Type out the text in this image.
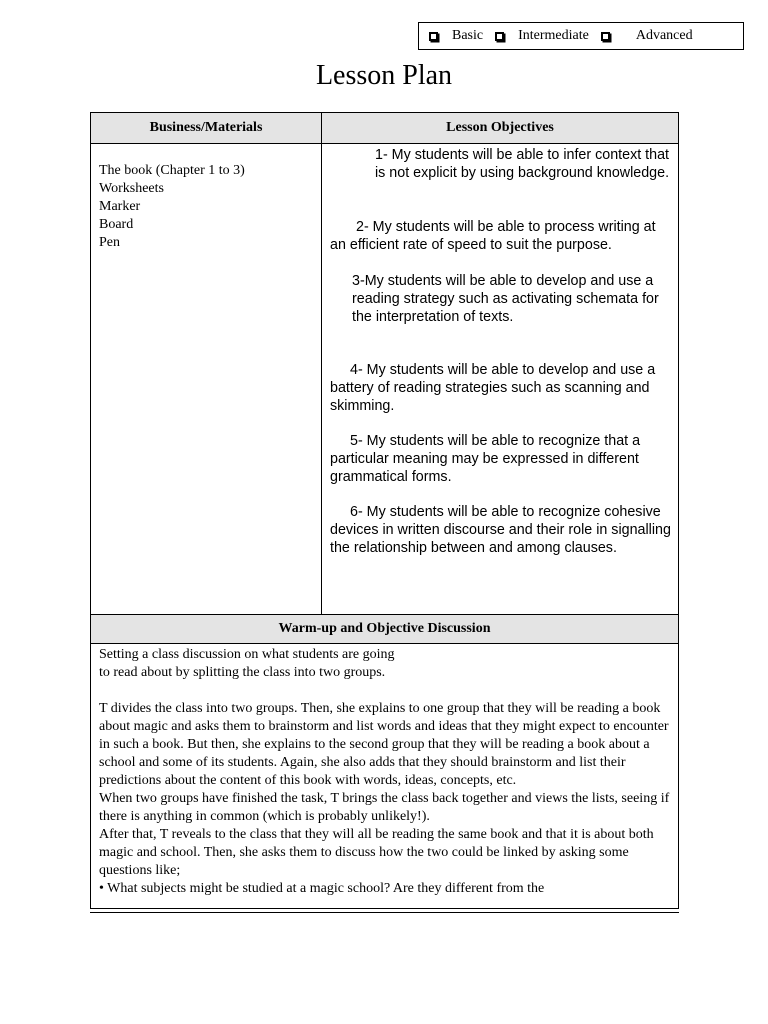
Basic	Intermediate	Advanced
Lesson Plan
Business/Materials	Lesson Objectives
The book (Chapter 1 to 3)
Worksheets
Marker
Board
Pen
1- My students will be able to infer context that is not explicit by using background knowledge.
2- My students will be able to process writing at an efficient rate of speed to suit the purpose.
3-My students will be able to develop and use a reading strategy such as activating schemata for the interpretation of texts.
4- My students will be able to develop and use a battery of reading strategies such as scanning and skimming.
5- My students will be able to recognize that a particular meaning may be expressed in different grammatical forms.
6- My students will be able to recognize cohesive devices in written discourse and their role in signalling the relationship between and among clauses.
Warm-up and Objective Discussion

Setting a class discussion on what students are going

to read about by splitting the class into two groups.

T divides the class into two groups. Then, she explains to one group that they will be reading a book about magic and asks them to brainstorm and list words and ideas that they might expect to encounter in such a book. But then, she explains to the second group that they will be reading a book about a school and some of its students. Again, she also adds that they should brainstorm and list their predictions about the content of this book with words, ideas, concepts, etc.

When two groups have finished the task, T brings the class back together and views the lists, seeing if there is anything in common (which is probably unlikely!).

After that, T reveals to the class that they will all be reading the same book and that it is about both magic and school. Then, she asks them to discuss how the two could be linked by asking some questions like;

• What subjects might be studied at a magic school? Are they different from the
